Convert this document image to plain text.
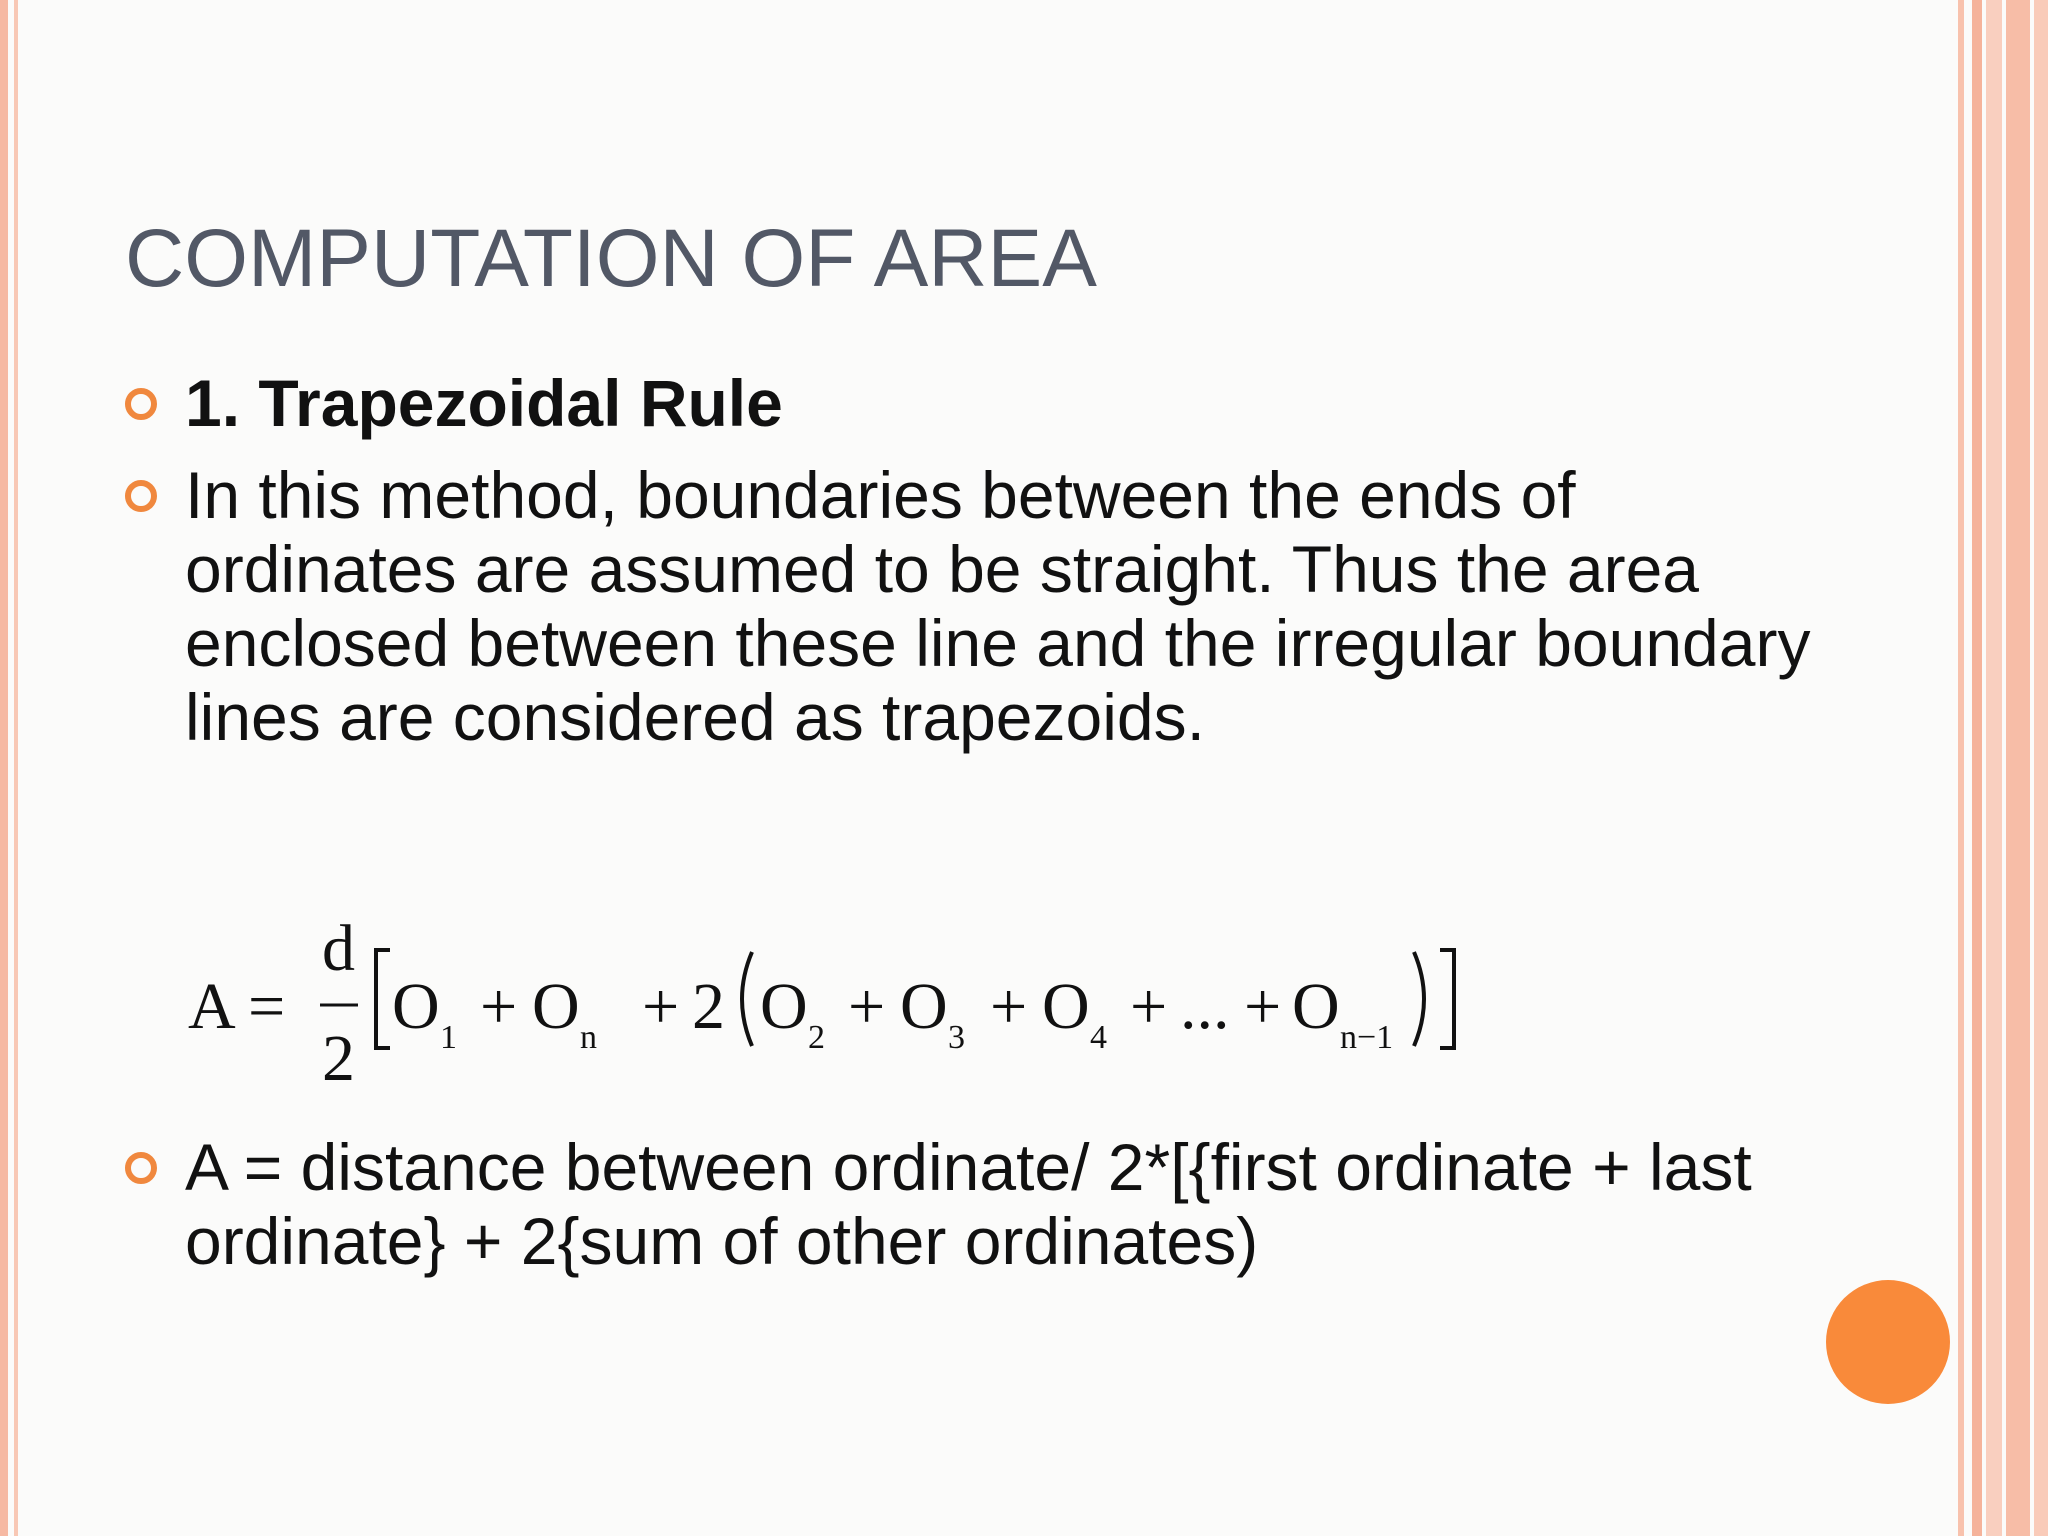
COMPUTATION OF AREA
1. Trapezoidal Rule
In this method, boundaries between the ends of ordinates are assumed to be straight. Thus the area enclosed between these line and the irregular boundary lines are considered as trapezoids.
A =
d
2
O 1 + O n + 2 O 2 + O 3 + O 4 + ... + O n−1
A = distance between ordinate/ 2*[{first ordinate + last ordinate} + 2{sum of other ordinates)
